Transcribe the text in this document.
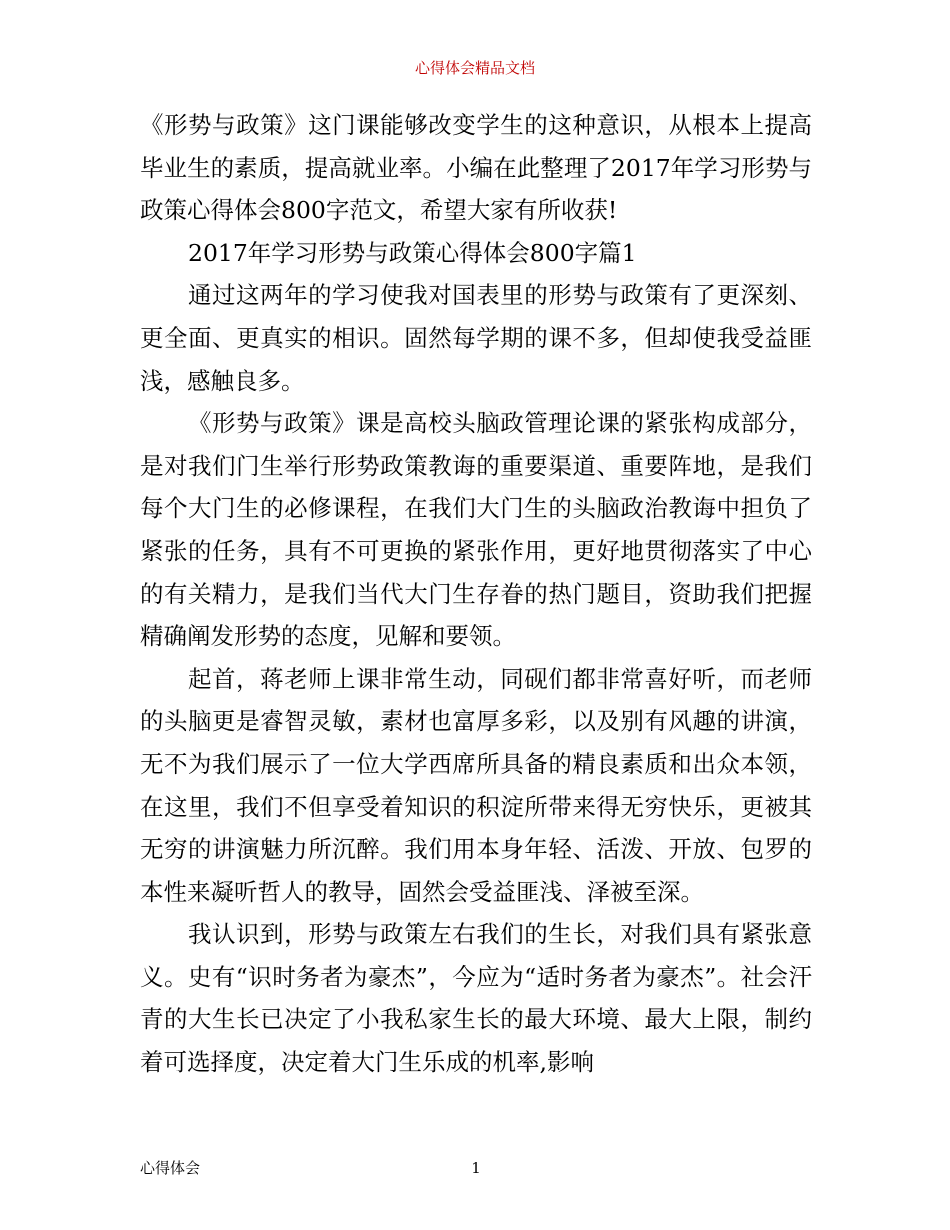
心得体会精品文档

《形势与政策》这门课能够改变学生的这种意识，从根本上提高毕业生的素质，提高就业率。小编在此整理了2017年学习形势与政策心得体会800字范文，希望大家有所收获!

2017年学习形势与政策心得体会800字篇1

通过这两年的学习使我对国表里的形势与政策有了更深刻、更全面、更真实的相识。固然每学期的课不多，但却使我受益匪浅，感触良多。

《形势与政策》课是高校头脑政管理论课的紧张构成部分，是对我们门生举行形势政策教诲的重要渠道、重要阵地，是我们每个大门生的必修课程，在我们大门生的头脑政治教诲中担负了紧张的任务，具有不可更换的紧张作用，更好地贯彻落实了中心的有关精力，是我们当代大门生存眷的热门题目，资助我们把握精确阐发形势的态度，见解和要领。

起首，蒋老师上课非常生动，同砚们都非常喜好听，而老师的头脑更是睿智灵敏，素材也富厚多彩，以及别有风趣的讲演，无不为我们展示了一位大学西席所具备的精良素质和出众本领，在这里，我们不但享受着知识的积淀所带来得无穷快乐，更被其无穷的讲演魅力所沉醉。我们用本身年轻、活泼、开放、包罗的本性来凝听哲人的教导，固然会受益匪浅、泽被至深。

我认识到，形势与政策左右我们的生长，对我们具有紧张意义。史有“识时务者为豪杰”，今应为“适时务者为豪杰”。社会汗青的大生长已决定了小我私家生长的最大环境、最大上限，制约着可选择度，决定着大门生乐成的机率,影响

心得体会	1
